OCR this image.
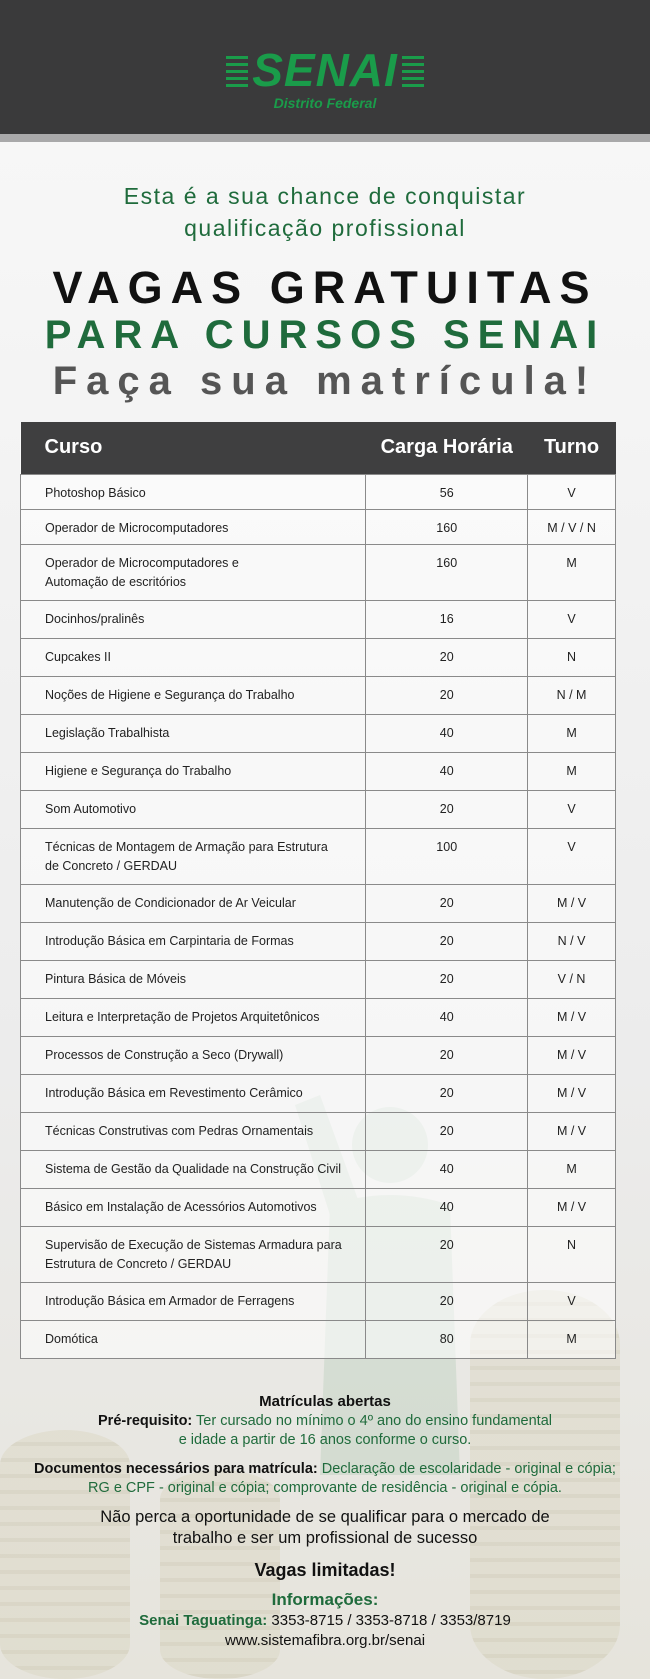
SENAI
Distrito Federal
Esta é a sua chance de conquistar
qualificação profissional
VAGAS GRATUITAS
PARA CURSOS SENAI
Faça sua matrícula!
Curso	Carga Horária	Turno
Photoshop Básico	56	V
Operador de Microcomputadores	160	M / V / N
Operador de Microcomputadores e
Automação de escritórios	160	M
Docinhos/pralinês	16	V
Cupcakes II	20	N
Noções de Higiene e Segurança do Trabalho	20	N / M
Legislação Trabalhista	40	M
Higiene e Segurança do Trabalho	40	M
Som Automotivo	20	V
Técnicas de Montagem de Armação para Estrutura
de Concreto / GERDAU	100	V
Manutenção de Condicionador de Ar Veicular	20	M / V
Introdução Básica em Carpintaria de Formas	20	N / V
Pintura Básica de Móveis	20	V / N
Leitura e Interpretação de Projetos Arquitetônicos	40	M / V
Processos de Construção a Seco (Drywall)	20	M / V
Introdução Básica em Revestimento Cerâmico	20	M / V
Técnicas Construtivas com Pedras Ornamentais	20	M / V
Sistema de Gestão da Qualidade na Construção Civil	40	M
Básico em Instalação de Acessórios Automotivos	40	M / V
Supervisão de Execução de Sistemas Armadura para
Estrutura de Concreto / GERDAU	20	N
Introdução Básica em Armador de Ferragens	20	V
Domótica	80	M
Matrículas abertas
Pré-requisito: Ter cursado no mínimo o 4º ano do ensino fundamental
e idade a partir de 16 anos conforme o curso.
Documentos necessários para matrícula: Declaração de escolaridade - original e cópia;
RG e CPF - original e cópia; comprovante de residência - original e cópia.
Não perca a oportunidade de se qualificar para o mercado de
trabalho e ser um profissional de sucesso
Vagas limitadas!
Informações:
Senai Taguatinga: 3353-8715 / 3353-8718 / 3353/8719
www.sistemafibra.org.br/senai
